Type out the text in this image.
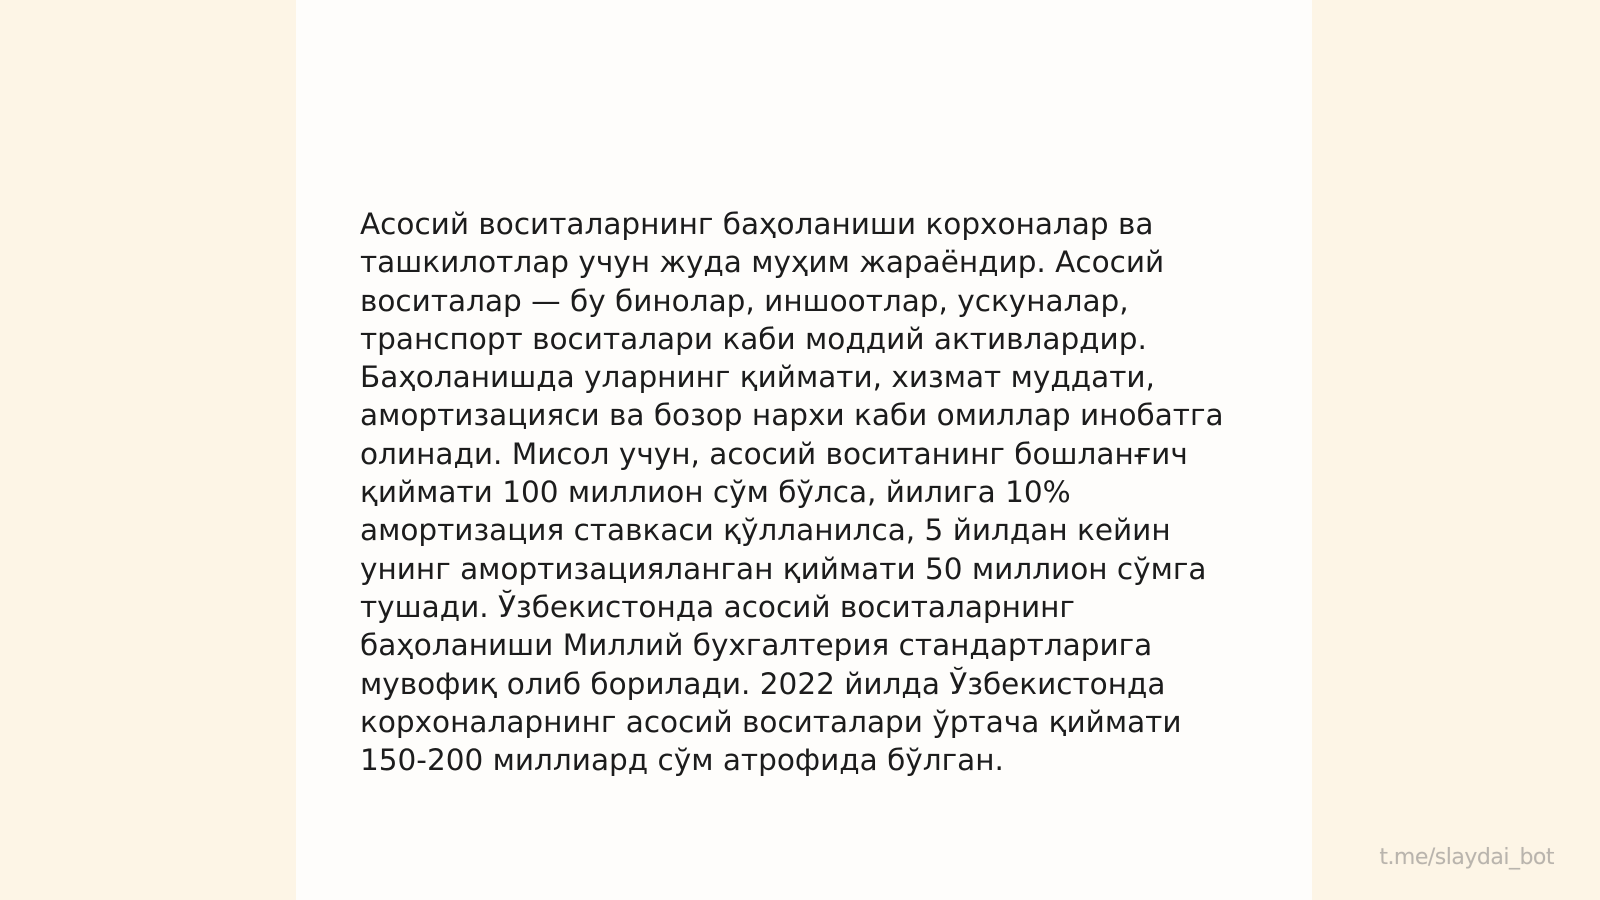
Асосий воситаларнинг баҳоланиши корхоналар ва
ташкилотлар учун жуда муҳим жараёндир. Асосий
воситалар — бу бинолар, иншоотлар, ускуналар,
транспорт воситалари каби моддий активлардир.
Баҳоланишда уларнинг қиймати, хизмат муддати,
амортизацияси ва бозор нархи каби омиллар инобатга
олинади. Мисол учун, асосий воситанинг бошланғич
қиймати 100 миллион сўм бўлса, йилига 10%
амортизация ставкаси қўлланилса, 5 йилдан кейин
унинг амортизацияланган қиймати 50 миллион сўмга
тушади. Ўзбекистонда асосий воситаларнинг
баҳоланиши Миллий бухгалтерия стандартларига
мувофиқ олиб борилади. 2022 йилда Ўзбекистонда
корхоналарнинг асосий воситалари ўртача қиймати
150-200 миллиард сўм атрофида бўлган.

t.me/slaydai_bot
